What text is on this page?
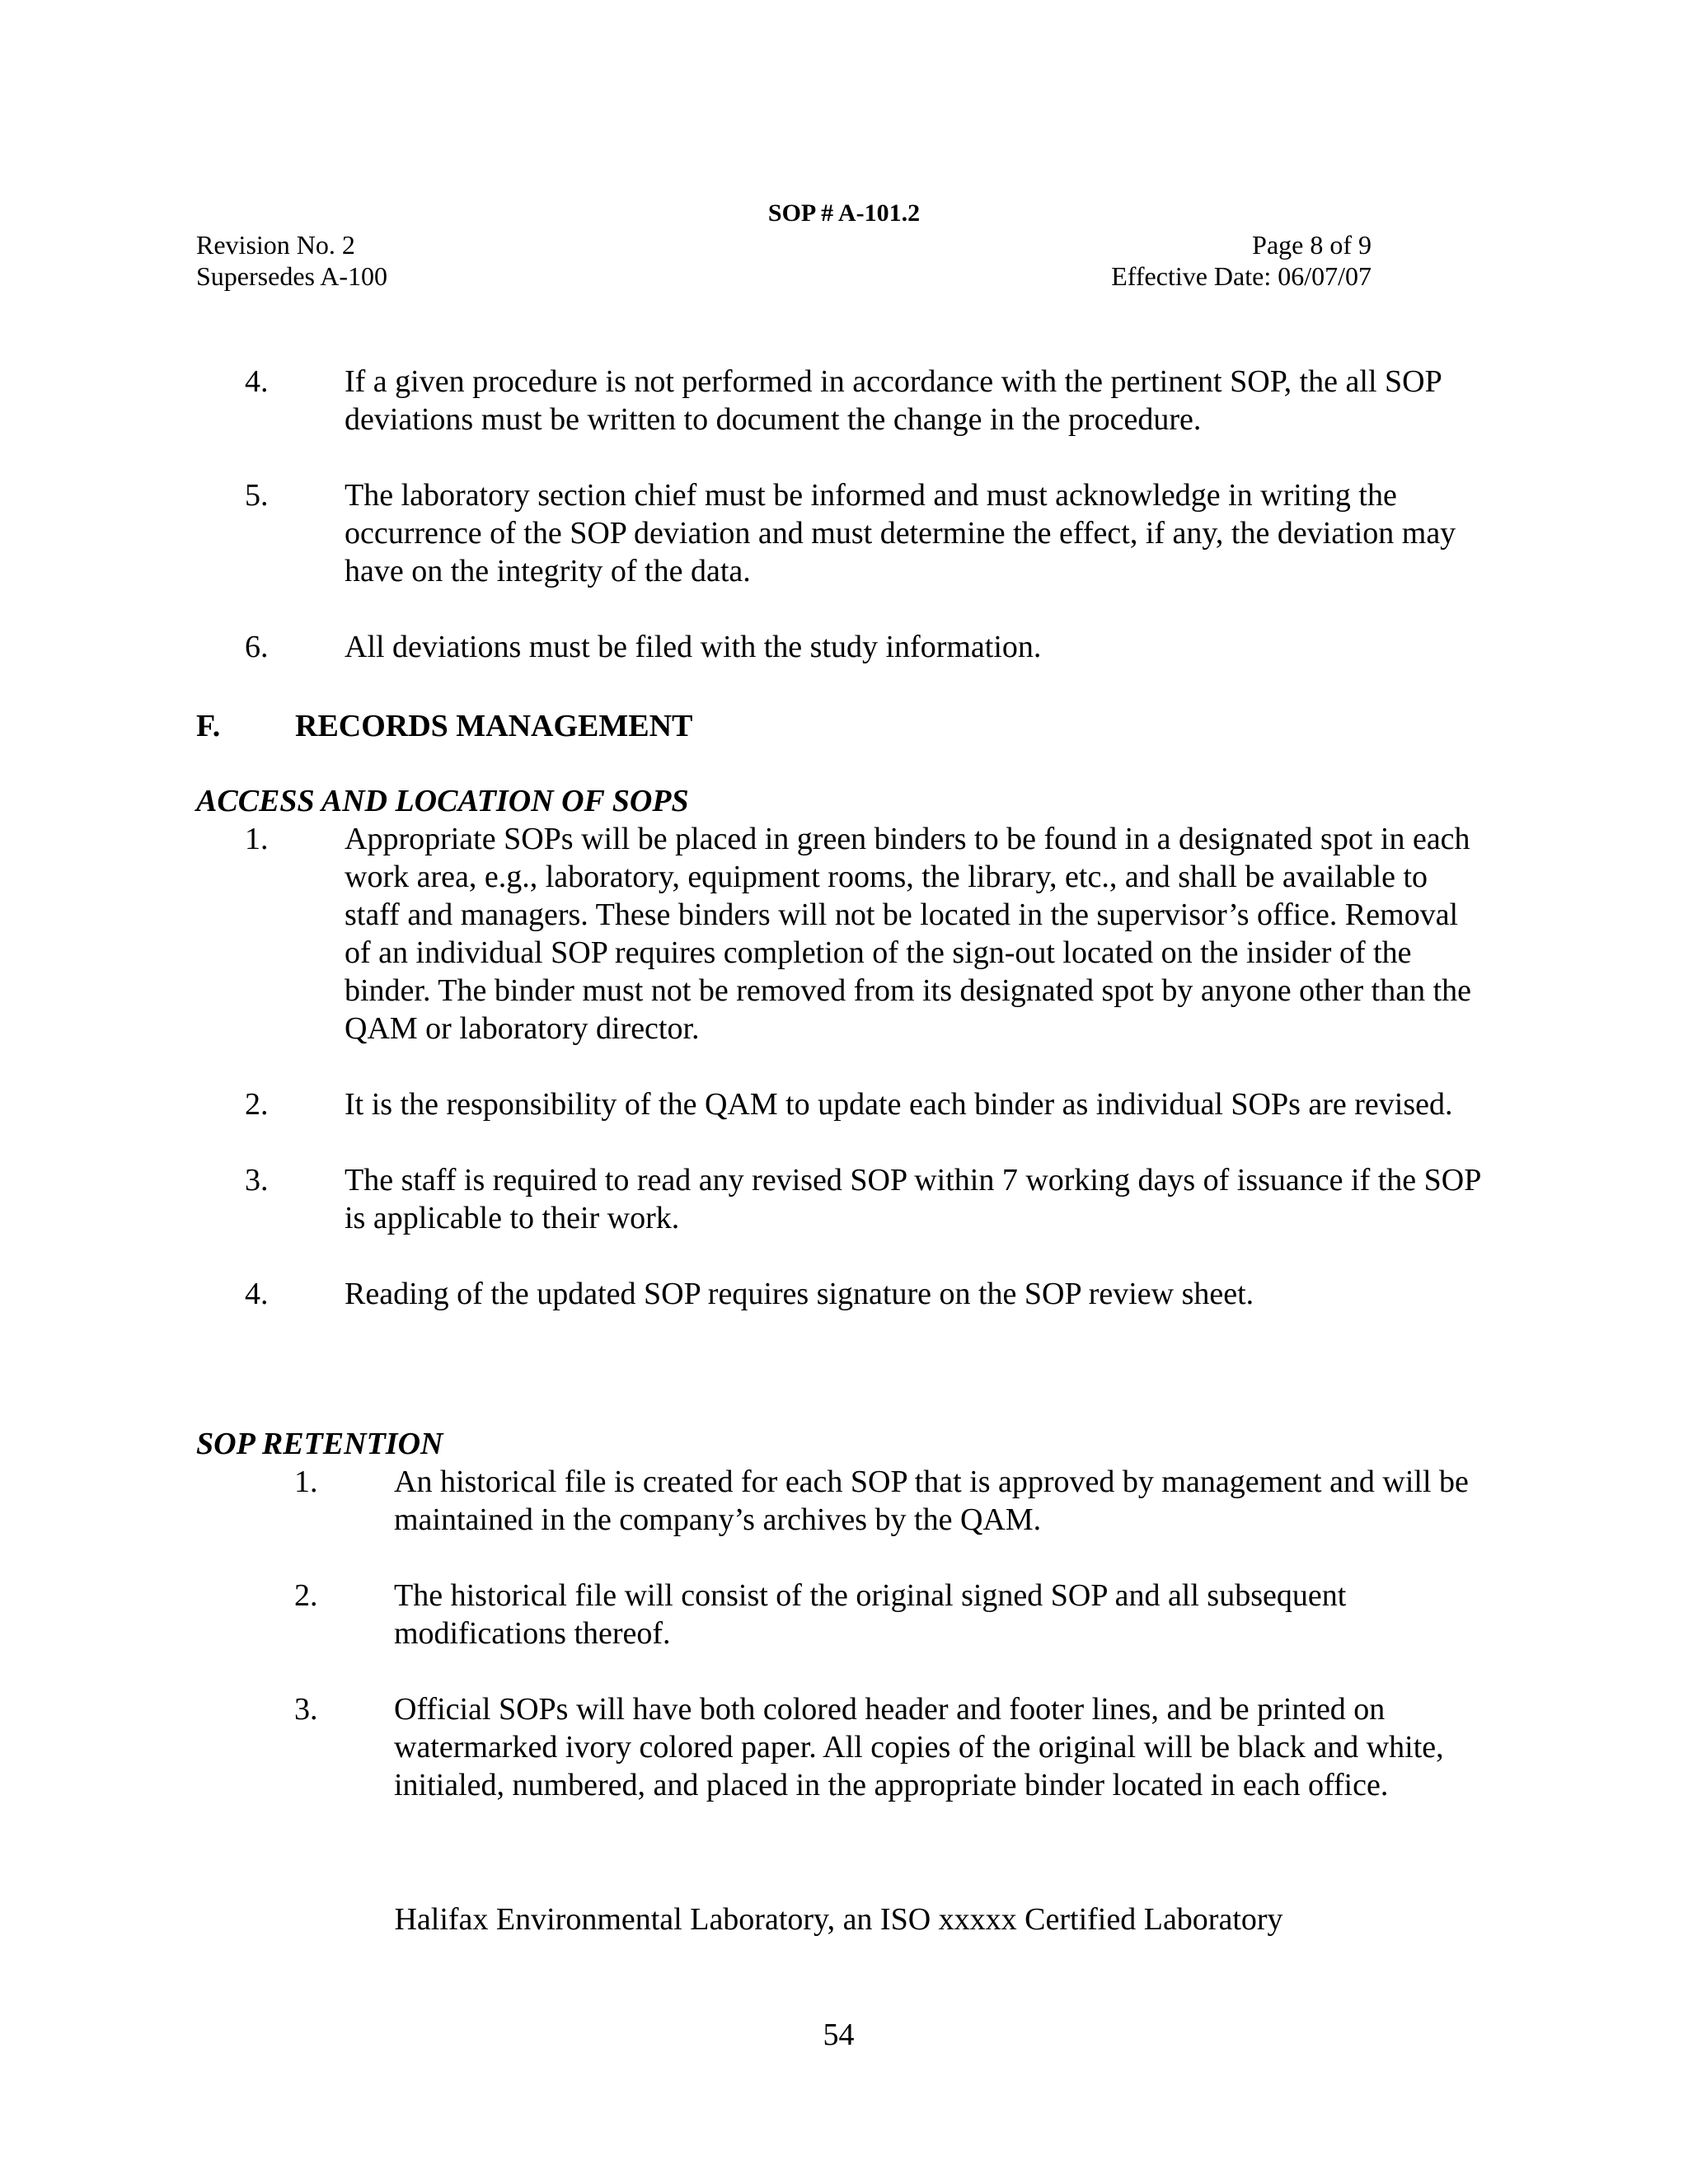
SOP # A-101.2
Revision No. 2
Supersedes A-100
Page 8 of 9
Effective Date: 06/07/07
4. If a given procedure is not performed in accordance with the pertinent SOP, the all SOP deviations must be written to document the change in the procedure.
5. The laboratory section chief must be informed and must acknowledge in writing the occurrence of the SOP deviation and must determine the effect, if any, the deviation may have on the integrity of the data.
6. All deviations must be filed with the study information.
F. RECORDS MANAGEMENT
ACCESS AND LOCATION OF SOPS
1. Appropriate SOPs will be placed in green binders to be found in a designated spot in each work area, e.g., laboratory, equipment rooms, the library, etc., and shall be available to staff and managers. These binders will not be located in the supervisor’s office. Removal of an individual SOP requires completion of the sign-out located on the insider of the binder. The binder must not be removed from its designated spot by anyone other than the QAM or laboratory director.
2. It is the responsibility of the QAM to update each binder as individual SOPs are revised.
3. The staff is required to read any revised SOP within 7 working days of issuance if the SOP is applicable to their work.
4. Reading of the updated SOP requires signature on the SOP review sheet.
SOP RETENTION
1. An historical file is created for each SOP that is approved by management and will be maintained in the company’s archives by the QAM.
2. The historical file will consist of the original signed SOP and all subsequent modifications thereof.
3. Official SOPs will have both colored header and footer lines, and be printed on watermarked ivory colored paper. All copies of the original will be black and white, initialed, numbered, and placed in the appropriate binder located in each office.
Halifax Environmental Laboratory, an ISO xxxxx Certified Laboratory
54
